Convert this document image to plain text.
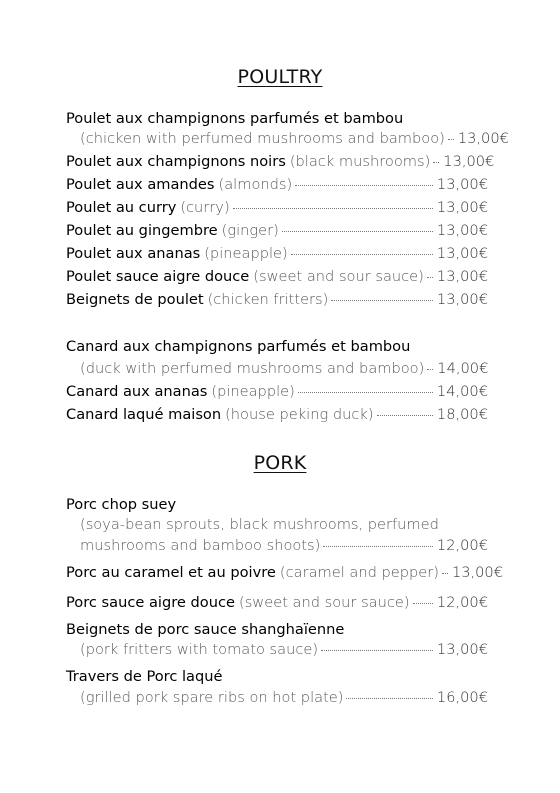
POULTRY
Poulet aux champignons parfumés et bambou
(chicken with perfumed mushrooms and bamboo) 13,00€
Poulet aux champignons noirs (black mushrooms) 13,00€
Poulet aux amandes (almonds)	13,00€
Poulet au curry (curry)	13,00€
Poulet au gingembre (ginger)	13,00€
Poulet aux ananas (pineapple)	13,00€
Poulet sauce aigre douce (sweet and sour sauce) 13,00€
Beignets de poulet (chicken fritters)	13,00€
Canard aux champignons parfumés et bambou
(duck with perfumed mushrooms and bamboo) 14,00€
Canard aux ananas (pineapple)	14,00€
Canard laqué maison (house peking duck)	18,00€
PORK
Porc chop suey
(soya-bean sprouts, black mushrooms, perfumed
mushrooms and bamboo shoots)	12,00€
Porc au caramel et au poivre (caramel and pepper) 13,00€
Porc sauce aigre douce (sweet and sour sauce) 12,00€
Beignets de porc sauce shanghaïenne
(pork fritters with tomato sauce)	13,00€
Travers de Porc laqué
(grilled pork spare ribs on hot plate)	16,00€
